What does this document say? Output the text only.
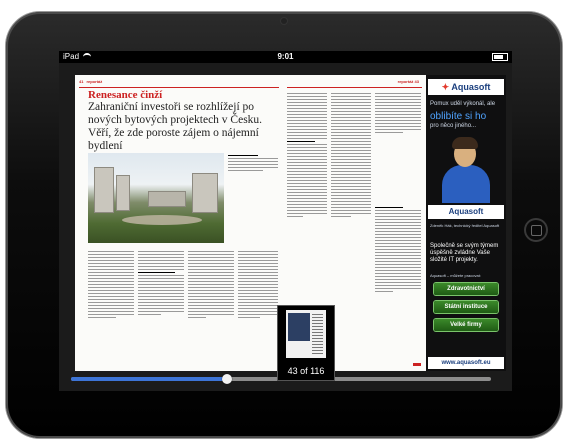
iPad	9:01
41 reportáž
Renesance činží
Zahraniční investoři se rozhlížejí po nových bytových projektech v Česku. Věří, že zde poroste zájem o nájemní bydlení
reportáž 43
✦ Aquasoft
Pomux uděl výkonál, ale
oblibíte si ho
pro něco jiného...
Aquasoft
Zdeněk Hák, technický ředitel Aquasoft
Společně se svým týmem úspěšně zvládne Vaše složité IT projekty.
Aquasoft – můžete pracovat:
Zdravotnictví
Státní instituce
Velké firmy
www.aquasoft.eu
43 of 116
